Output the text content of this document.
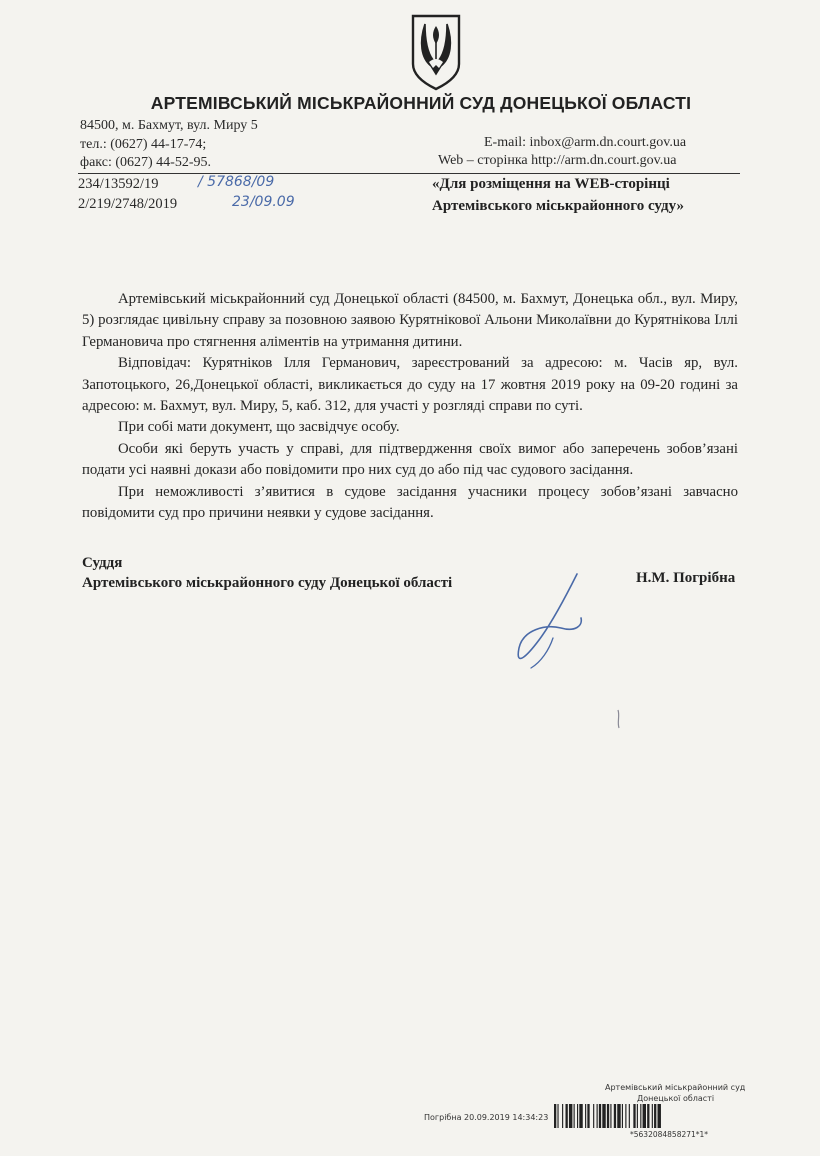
АРТЕМІВСЬКИЙ МІСЬКРАЙОННИЙ СУД ДОНЕЦЬКОЇ ОБЛАСТІ
84500, м. Бахмут, вул. Миру 5
тел.: (0627) 44-17-74;
факс: (0627) 44-52-95.
E-mail: inbox@arm.dn.court.gov.ua
Web – сторінка http://arm.dn.court.gov.ua
234/13592/19
2/219/2748/2019
/ 57868/09
23/09.09
«Для розміщення на WEB-сторінці
Артемівського міськрайонного суду»

Артемівський міськрайонний суд Донецької області (84500, м. Бахмут, Донецька обл., вул. Миру, 5) розглядає цивільну справу за позовною заявою Курятнікової Альони Миколаївни до Курятнікова Іллі Германовича про стягнення аліментів на утримання дитини.

Відповідач: Курятніков Ілля Германович, зареєстрований за адресою: м. Часів яр, вул. Запотоцького, 26,Донецької області, викликається до суду на 17 жовтня 2019 року на 09-20 годині за адресою: м. Бахмут, вул. Миру, 5, каб. 312, для участі у розгляді справи по суті.

При собі мати документ, що засвідчує особу.

Особи які беруть участь у справі, для підтвердження своїх вимог або заперечень зобов’язані подати усі наявні докази або повідомити про них суд до або під час судового засідання.

При неможливості з’явитися в судове засідання учасники процесу зобов’язані завчасно повідомити суд про причини неявки у судове засідання.

Суддя
Артемівського міськрайонного суду Донецької області	Н.М. Погрібна
Артемівський міськрайонний суд
Донецької області
Погрібна 20.09.2019 14:34:23
*5632084858271*1*
